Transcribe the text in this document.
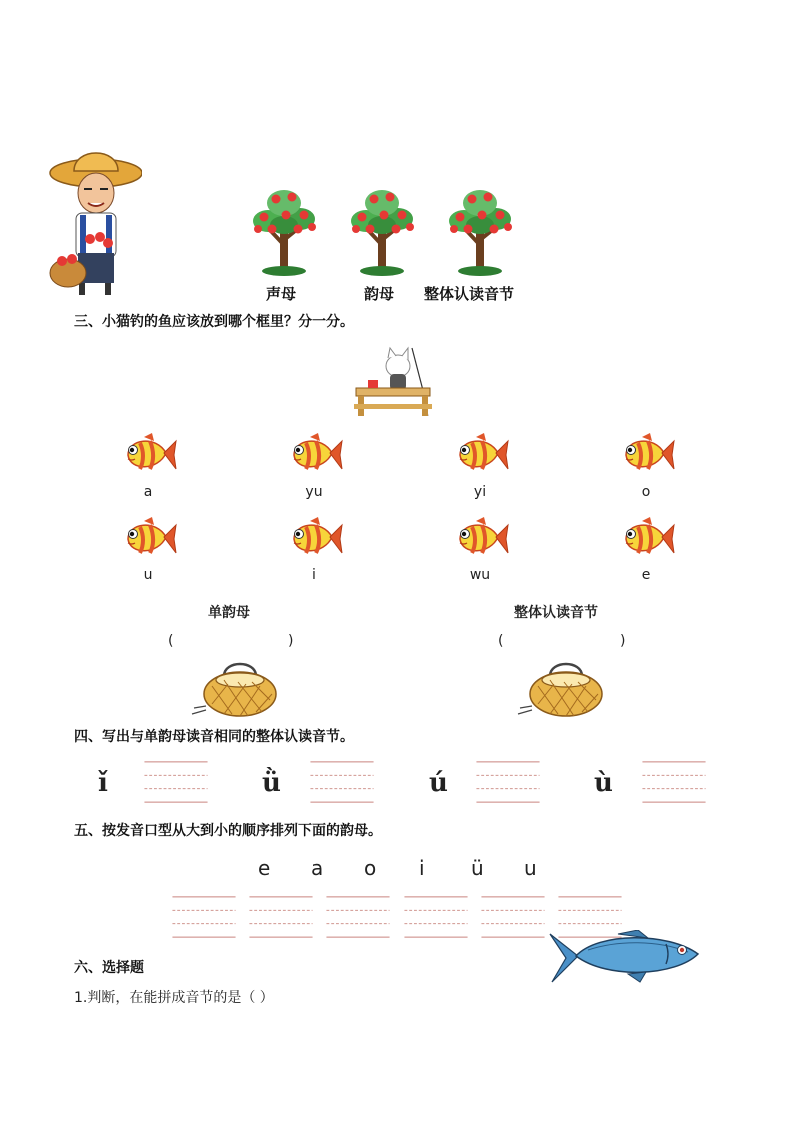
声母	韵母 整体认读音节
三、小猫钓的鱼应该放到哪个框里？分一分。
a	yu	yi	o
u	i	wu	e
单韵母	整体认读音节
(	)	(	)
四、写出与单韵母读音相同的整体认读音节。
ǐ	ǜ	ú	ù
五、按发音口型从大到小的顺序排列下面的韵母。
e a o i ü u
六、选择题
1.判断，在能拼成音节的是（ ）
